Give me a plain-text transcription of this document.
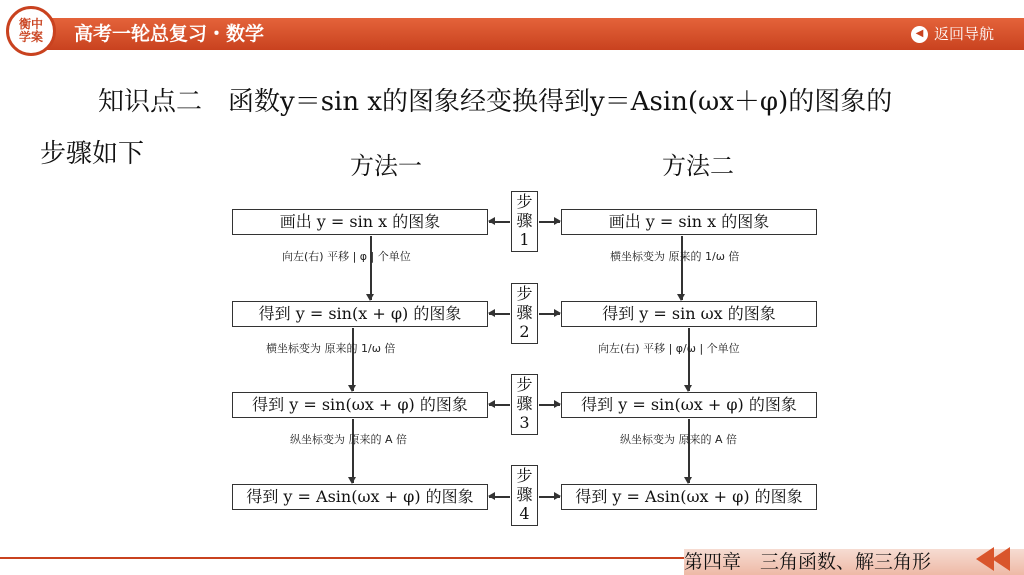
衡中学案 高考一轮总复习・数学	◀ 返回导航
知识点二　函数y＝sin x的图象经变换得到y＝Asin(ωx＋φ)的图象的
步骤如下	方法一	方法二
画出 y = sin x 的图象
得到 y = sin(x + φ) 的图象
得到 y = sin(ωx + φ) 的图象
得到 y = Asin(ωx + φ) 的图象
画出 y = sin x 的图象
得到 y = sin ωx 的图象
得到 y = sin(ωx + φ) 的图象
得到 y = Asin(ωx + φ) 的图象
步骤1
步骤2
步骤3
步骤4
向左(右) 平移 | φ | 个单位
横坐标变为 原来的 1/ω 倍
纵坐标变为 原来的 A 倍
横坐标变为 原来的 1/ω 倍
向左(右) 平移 | φ/ω | 个单位
纵坐标变为 原来的 A 倍
第四章　三角函数、解三角形
